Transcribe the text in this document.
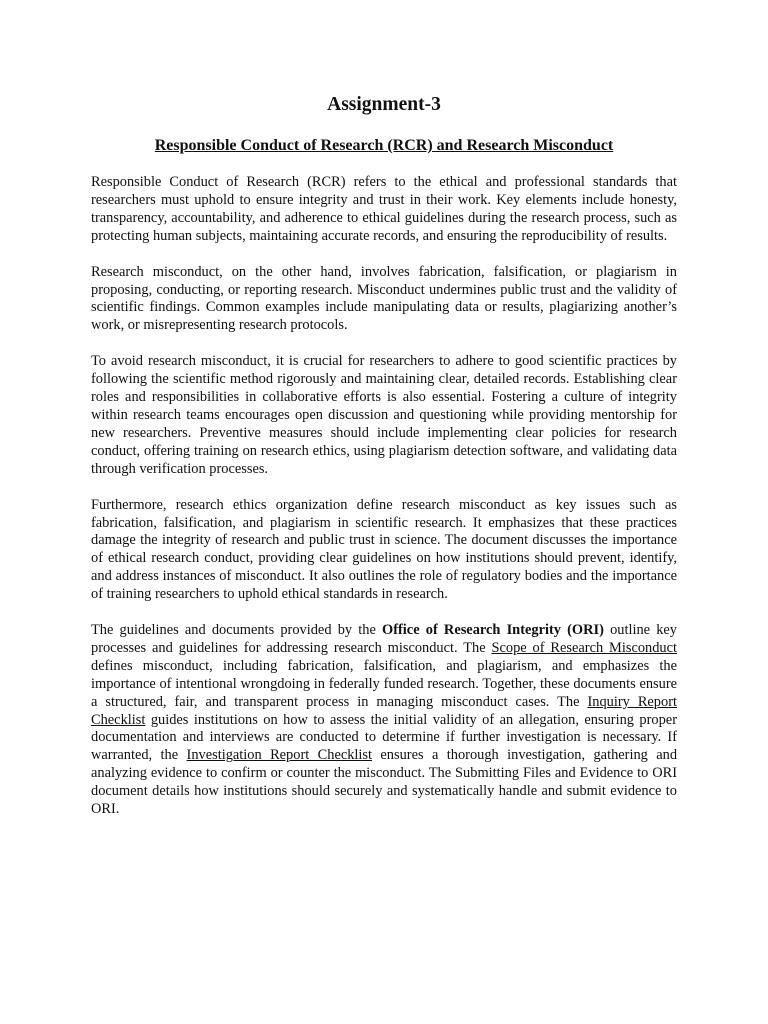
Assignment-3
Responsible Conduct of Research (RCR) and Research Misconduct

Responsible Conduct of Research (RCR) refers to the ethical and professional standards that researchers must uphold to ensure integrity and trust in their work. Key elements include honesty, transparency, accountability, and adherence to ethical guidelines during the research process, such as protecting human subjects, maintaining accurate records, and ensuring the reproducibility of results.

Research misconduct, on the other hand, involves fabrication, falsification, or plagiarism in proposing, conducting, or reporting research. Misconduct undermines public trust and the validity of scientific findings. Common examples include manipulating data or results, plagiarizing another’s work, or misrepresenting research protocols.

To avoid research misconduct, it is crucial for researchers to adhere to good scientific practices by following the scientific method rigorously and maintaining clear, detailed records. Establishing clear roles and responsibilities in collaborative efforts is also essential. Fostering a culture of integrity within research teams encourages open discussion and questioning while providing mentorship for new researchers. Preventive measures should include implementing clear policies for research conduct, offering training on research ethics, using plagiarism detection software, and validating data through verification processes.

Furthermore, research ethics organization define research misconduct as key issues such as fabrication, falsification, and plagiarism in scientific research. It emphasizes that these practices damage the integrity of research and public trust in science. The document discusses the importance of ethical research conduct, providing clear guidelines on how institutions should prevent, identify, and address instances of misconduct. It also outlines the role of regulatory bodies and the importance of training researchers to uphold ethical standards in research.

The guidelines and documents provided by the Office of Research Integrity (ORI) outline key processes and guidelines for addressing research misconduct. The Scope of Research Misconduct defines misconduct, including fabrication, falsification, and plagiarism, and emphasizes the importance of intentional wrongdoing in federally funded research. Together, these documents ensure a structured, fair, and transparent process in managing misconduct cases. The Inquiry Report Checklist guides institutions on how to assess the initial validity of an allegation, ensuring proper documentation and interviews are conducted to determine if further investigation is necessary. If warranted, the Investigation Report Checklist ensures a thorough investigation, gathering and analyzing evidence to confirm or counter the misconduct. The Submitting Files and Evidence to ORI document details how institutions should securely and systematically handle and submit evidence to ORI.
